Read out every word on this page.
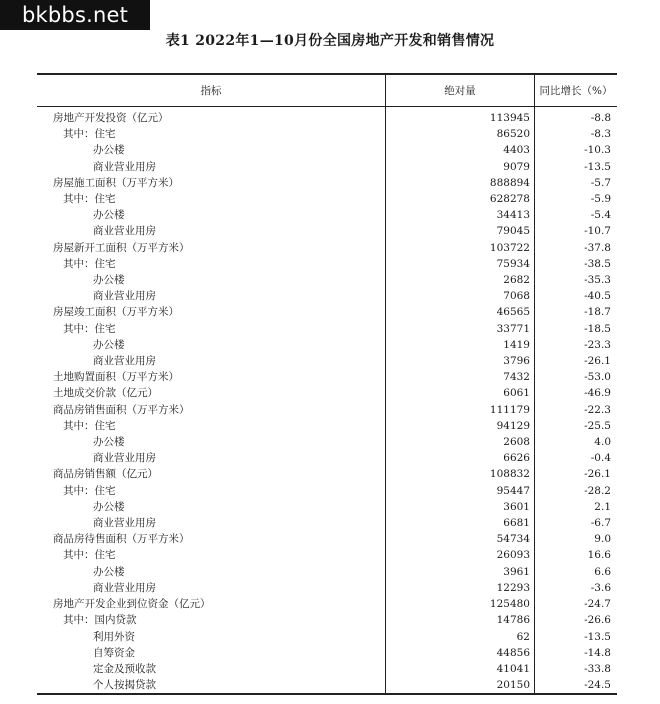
bkbbs.net
表1 2022年1—10月份全国房地产开发和销售情况
指标	绝对量	同比增长（%）
房地产开发投资（亿元）	113945	-8.8
其中：住宅	86520	-8.3
办公楼	4403	-10.3
商业营业用房	9079	-13.5
房屋施工面积（万平方米）	888894	-5.7
其中：住宅	628278	-5.9
办公楼	34413	-5.4
商业营业用房	79045	-10.7
房屋新开工面积（万平方米）	103722	-37.8
其中：住宅	75934	-38.5
办公楼	2682	-35.3
商业营业用房	7068	-40.5
房屋竣工面积（万平方米）	46565	-18.7
其中：住宅	33771	-18.5
办公楼	1419	-23.3
商业营业用房	3796	-26.1
土地购置面积（万平方米）	7432	-53.0
土地成交价款（亿元）	6061	-46.9
商品房销售面积（万平方米）	111179	-22.3
其中：住宅	94129	-25.5
办公楼	2608	4.0
商业营业用房	6626	-0.4
商品房销售额（亿元）	108832	-26.1
其中：住宅	95447	-28.2
办公楼	3601	2.1
商业营业用房	6681	-6.7
商品房待售面积（万平方米）	54734	9.0
其中：住宅	26093	16.6
办公楼	3961	6.6
商业营业用房	12293	-3.6
房地产开发企业到位资金（亿元）	125480	-24.7
其中：国内贷款	14786	-26.6
利用外资	62	-13.5
自筹资金	44856	-14.8
定金及预收款	41041	-33.8
个人按揭贷款	20150	-24.5
